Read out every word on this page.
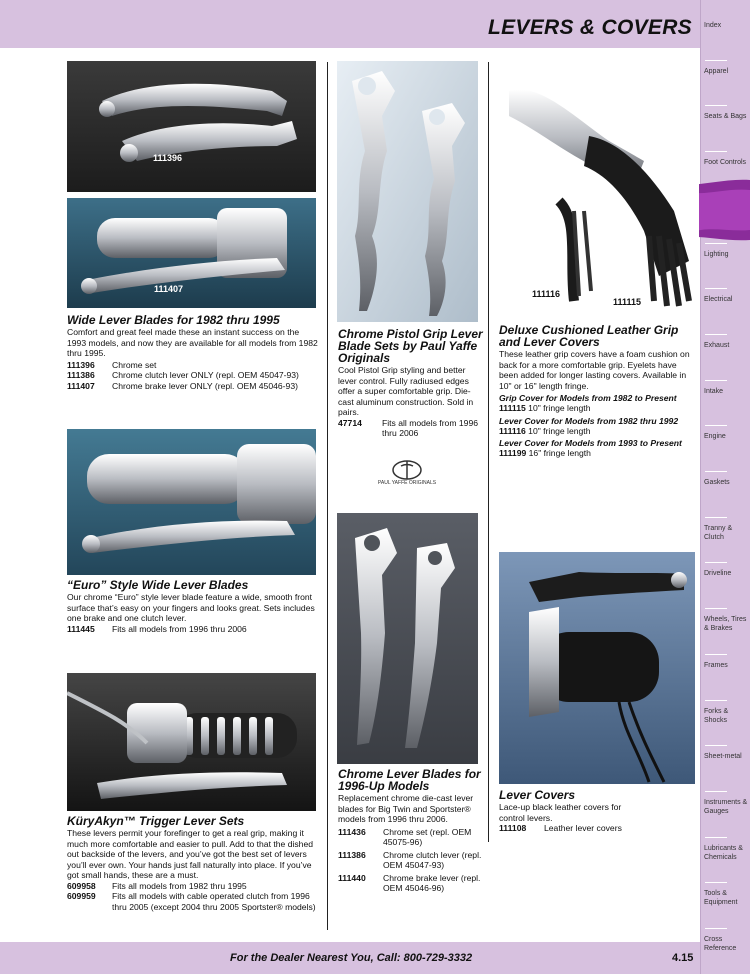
LEVERS & COVERS Index
Apparel
Seats & Bags
Foot Controls
Lighting
Electrical
Exhaust
Intake
Engine
Gaskets
Tranny & Clutch
Driveline
Wheels, Tires & Brakes
Frames
Forks & Shocks
Sheet-metal
Instruments & Gauges
Lubricants & Chemicals
Tools & Equipment
Cross Reference
111396
111407
Wide Lever Blades for 1982 thru 1995

Comfort and great feel made these an instant success on the 1993 models, and now they are available for all models from 1982 thru 1995.

111396	Chrome set
111386	Chrome clutch lever ONLY (repl. OEM 45047-93)
111407	Chrome brake lever ONLY (repl. OEM 45046-93)
“Euro” Style Wide Lever Blades

Our chrome “Euro” style lever blade feature a wide, smooth front surface that’s easy on your fingers and looks great. Sets includes one brake and one clutch lever.

111445	Fits all models from 1996 thru 2006
KüryAkyn™ Trigger Lever Sets

These levers permit your forefinger to get a real grip, making it much more comfortable and easier to pull. Add to that the dished out backside of the levers, and you’ve got the best set of levers you’ll ever own. Your hands just fall naturally into place. If you’ve got small hands, these are a must.

609958	Fits all models from 1982 thru 1995
609959	Fits all models with cable operated clutch from 1996 thru 2005 (except 2004 thru 2005 Sportster® models)
Chrome Pistol Grip Lever Blade Sets by Paul Yaffe Originals

Cool Pistol Grip styling and better lever control. Fully radiused edges offer a super comfortable grip. Die-cast aluminum construction. Sold in pairs.

47714	Fits all models from 1996 thru 2006
PAUL YAFFE ORIGINALS
Chrome Lever Blades for 1996-Up Models

Replacement chrome die-cast lever blades for Big Twin and Sportster® models from 1996 thru 2006.

111436	Chrome set (repl. OEM 45075-96)
111386	Chrome clutch lever (repl. OEM 45047-93)
111440	Chrome brake lever (repl. OEM 45046-96)
111116
111115
Deluxe Cushioned Leather Grip and Lever Covers

These leather grip covers have a foam cushion on back for a more comfortable grip. Eyelets have been added for longer lasting covers. Available in 10" or 16" length fringe.

Grip Cover for Models from 1982 to Present

111115 10" fringe length

Lever Cover for Models from 1982 thru 1992

111116 10" fringe length

Lever Cover for Models from 1993 to Present

111199 16" fringe length

Lever Covers

Lace-up black leather covers for control levers.

111108	Leather lever covers
For the Dealer Nearest You, Call: 800-729-3332	4.15
